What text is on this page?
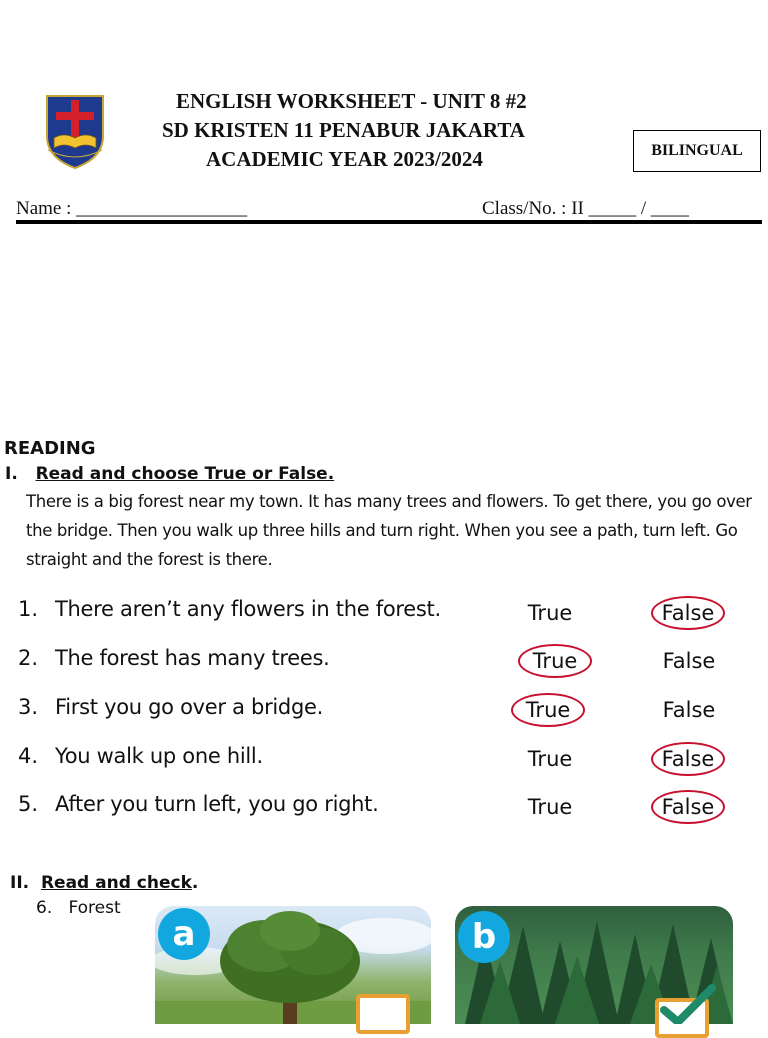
ENGLISH WORKSHEET - UNIT 8 #2
SD KRISTEN 11 PENABUR JAKARTA
ACADEMIC YEAR 2023/2024	BILINGUAL
Name : __________________	Class/No. : II _____ / ____
READING
I. Read and choose True or False.
There is a big forest near my town. It has many trees and flowers. To get there, you go over the bridge. Then you walk up three hills and turn right. When you see a path, turn left. Go straight and the forest is there.
1. There aren’t any flowers in the forest.	True	False
2. The forest has many trees.	True	False
3. First you go over a bridge.	True	False
4. You walk up one hill.	True	False
5. After you turn left, you go right.	True	False
II. Read and check.
6. Forest
a	b
